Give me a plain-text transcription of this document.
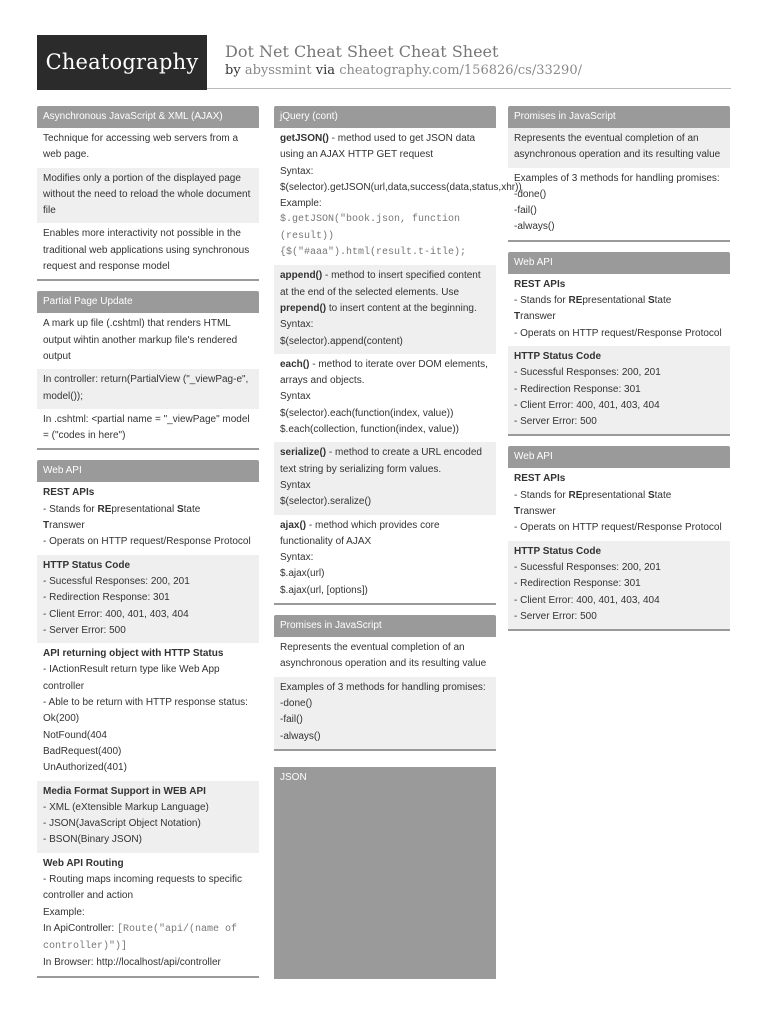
Cheatography	Dot Net Cheat Sheet Cheat Sheet
by abyssmint via cheatography.com/156826/cs/33290/
Asynchronous JavaScript & XML (AJAX)
Technique for accessing web servers from a web page.
Modifies only a portion of the displayed page without the need to reload the whole document file
Enables more interactivity not possible in the traditional web applications using synchronous request and response model
Partial Page Update
A mark up file (.cshtml) that renders HTML output wihtin another markup file's rendered output
In controller: return(PartialView ("_viewPag-e", model());
In .cshtml: <partial name = "_viewPage" model = ("codes in here")
Web API
REST APIs
- Stands for REpresentational State
Transwer
- Operats on HTTP request/Response Protocol
HTTP Status Code
- Sucessful Responses: 200, 201
- Redirection Response: 301
- Client Error: 400, 401, 403, 404
- Server Error: 500
API returning object with HTTP Status
- IActionResult return type like Web App controller
- Able to be return with HTTP response status:
Ok(200)
NotFound(404
BadRequest(400)
UnAuthorized(401)
Media Format Support in WEB API
- XML (eXtensible Markup Language)
- JSON(JavaScript Object Notation)
- BSON(Binary JSON)
Web API Routing
- Routing maps incoming requests to specific controller and action
Example:
In ApiController: [Route("api/(name of controller)")]
In Browser: http://localhost/api/controller
jQuery (cont)
getJSON() - method used to get JSON data using an AJAX HTTP GET request
Syntax:
$(selector).getJSON(url,data,success(data,status,xhr))
Example:
$.getJSON("book.json, function (result)) {$("#aaa").html(result.t-itle);
append() - method to insert specified content at the end of the selected elements. Use prepend() to insert content at the beginning.
Syntax:
$(selector).append(content)
each() - method to iterate over DOM elements, arrays and objects.
Syntax
$(selector).each(function(index, value))
$.each(collection, function(index, value))
serialize() - method to create a URL encoded text string by serializing form values.
Syntax
$(selector).seralize()
ajax() - method which provides core functionality of AJAX
Syntax:
$.ajax(url)
$.ajax(url, [options])
Promises in JavaScript
Represents the eventual completion of an asynchronous operation and its resulting value
Examples of 3 methods for handling promises:
-done()
-fail()
-always()
JSON
Promises in JavaScript
Represents the eventual completion of an asynchronous operation and its resulting value
Examples of 3 methods for handling promises:
-done()
-fail()
-always()
Web API
REST APIs
- Stands for REpresentational State
Transwer
- Operats on HTTP request/Response Protocol
HTTP Status Code
- Sucessful Responses: 200, 201
- Redirection Response: 301
- Client Error: 400, 401, 403, 404
- Server Error: 500
Web API
REST APIs
- Stands for REpresentational State
Transwer
- Operats on HTTP request/Response Protocol
HTTP Status Code
- Sucessful Responses: 200, 201
- Redirection Response: 301
- Client Error: 400, 401, 403, 404
- Server Error: 500
